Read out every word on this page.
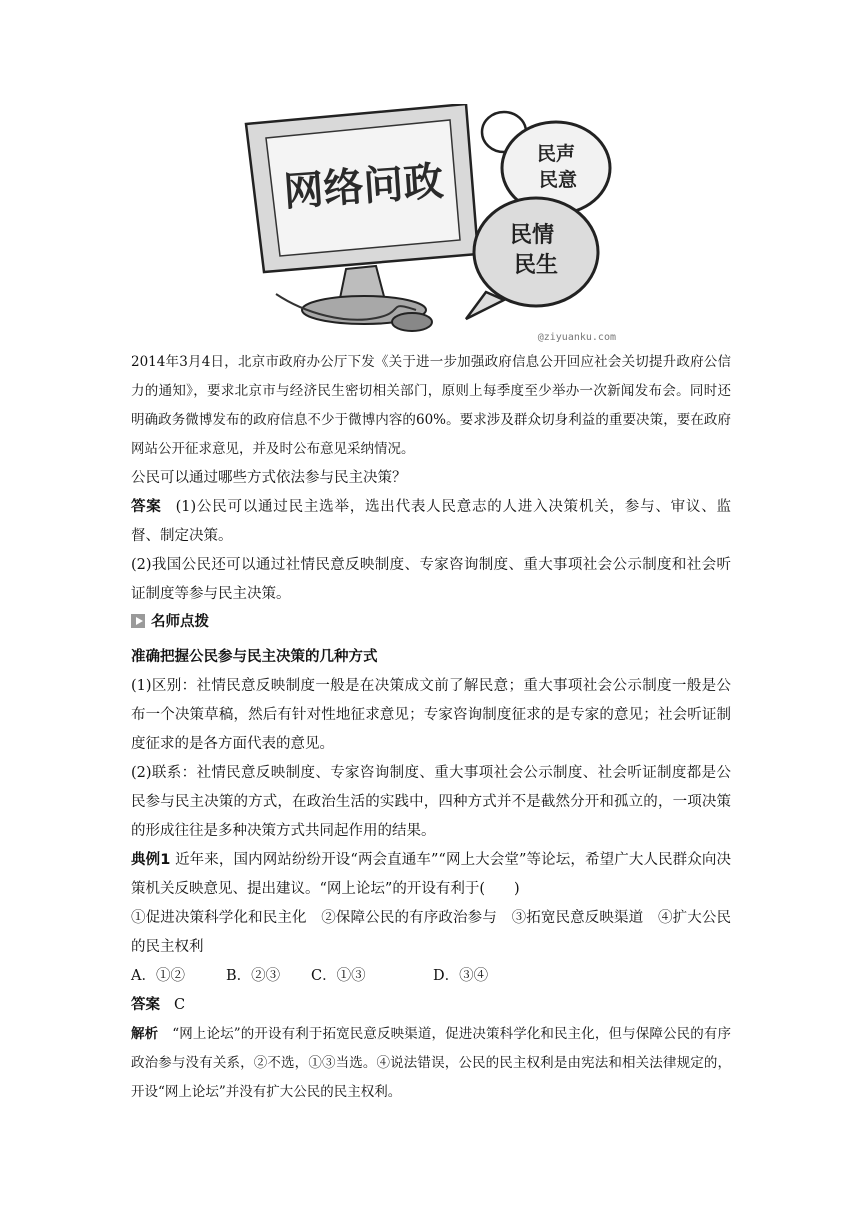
网络问政
民声
民意
民情
民生
@ziyuanku.com

2014年3月4日，北京市政府办公厅下发《关于进一步加强政府信息公开回应社会关切提升政府公信力的通知》，要求北京市与经济民生密切相关部门，原则上每季度至少举办一次新闻发布会。同时还明确政务微博发布的政府信息不少于微博内容的60%。要求涉及群众切身利益的重要决策，要在政府网站公开征求意见，并及时公布意见采纳情况。

公民可以通过哪些方式依法参与民主决策？

答案 (1)公民可以通过民主选举，选出代表人民意志的人进入决策机关，参与、审议、监督、制定决策。

(2)我国公民还可以通过社情民意反映制度、专家咨询制度、重大事项社会公示制度和社会听证制度等参与民主决策。

名师点拨

准确把握公民参与民主决策的几种方式

(1)区别：社情民意反映制度一般是在决策成文前了解民意；重大事项社会公示制度一般是公布一个决策草稿，然后有针对性地征求意见；专家咨询制度征求的是专家的意见；社会听证制度征求的是各方面代表的意见。

(2)联系：社情民意反映制度、专家咨询制度、重大事项社会公示制度、社会听证制度都是公民参与民主决策的方式，在政治生活的实践中，四种方式并不是截然分开和孤立的，一项决策的形成往往是多种决策方式共同起作用的结果。

典例1 近年来，国内网站纷纷开设“两会直通车”“网上大会堂”等论坛，希望广大人民群众向决策机关反映意见、提出建议。“网上论坛”的开设有利于(　　)

①促进决策科学化和民主化　②保障公民的有序政治参与　③拓宽民意反映渠道　④扩大公民的民主权利

A．①②	B．②③	C．①③	D．③④

答案 C

解析 “网上论坛”的开设有利于拓宽民意反映渠道，促进决策科学化和民主化，但与保障公民的有序政治参与没有关系，②不选，①③当选。④说法错误，公民的民主权利是由宪法和相关法律规定的，开设“网上论坛”并没有扩大公民的民主权利。
